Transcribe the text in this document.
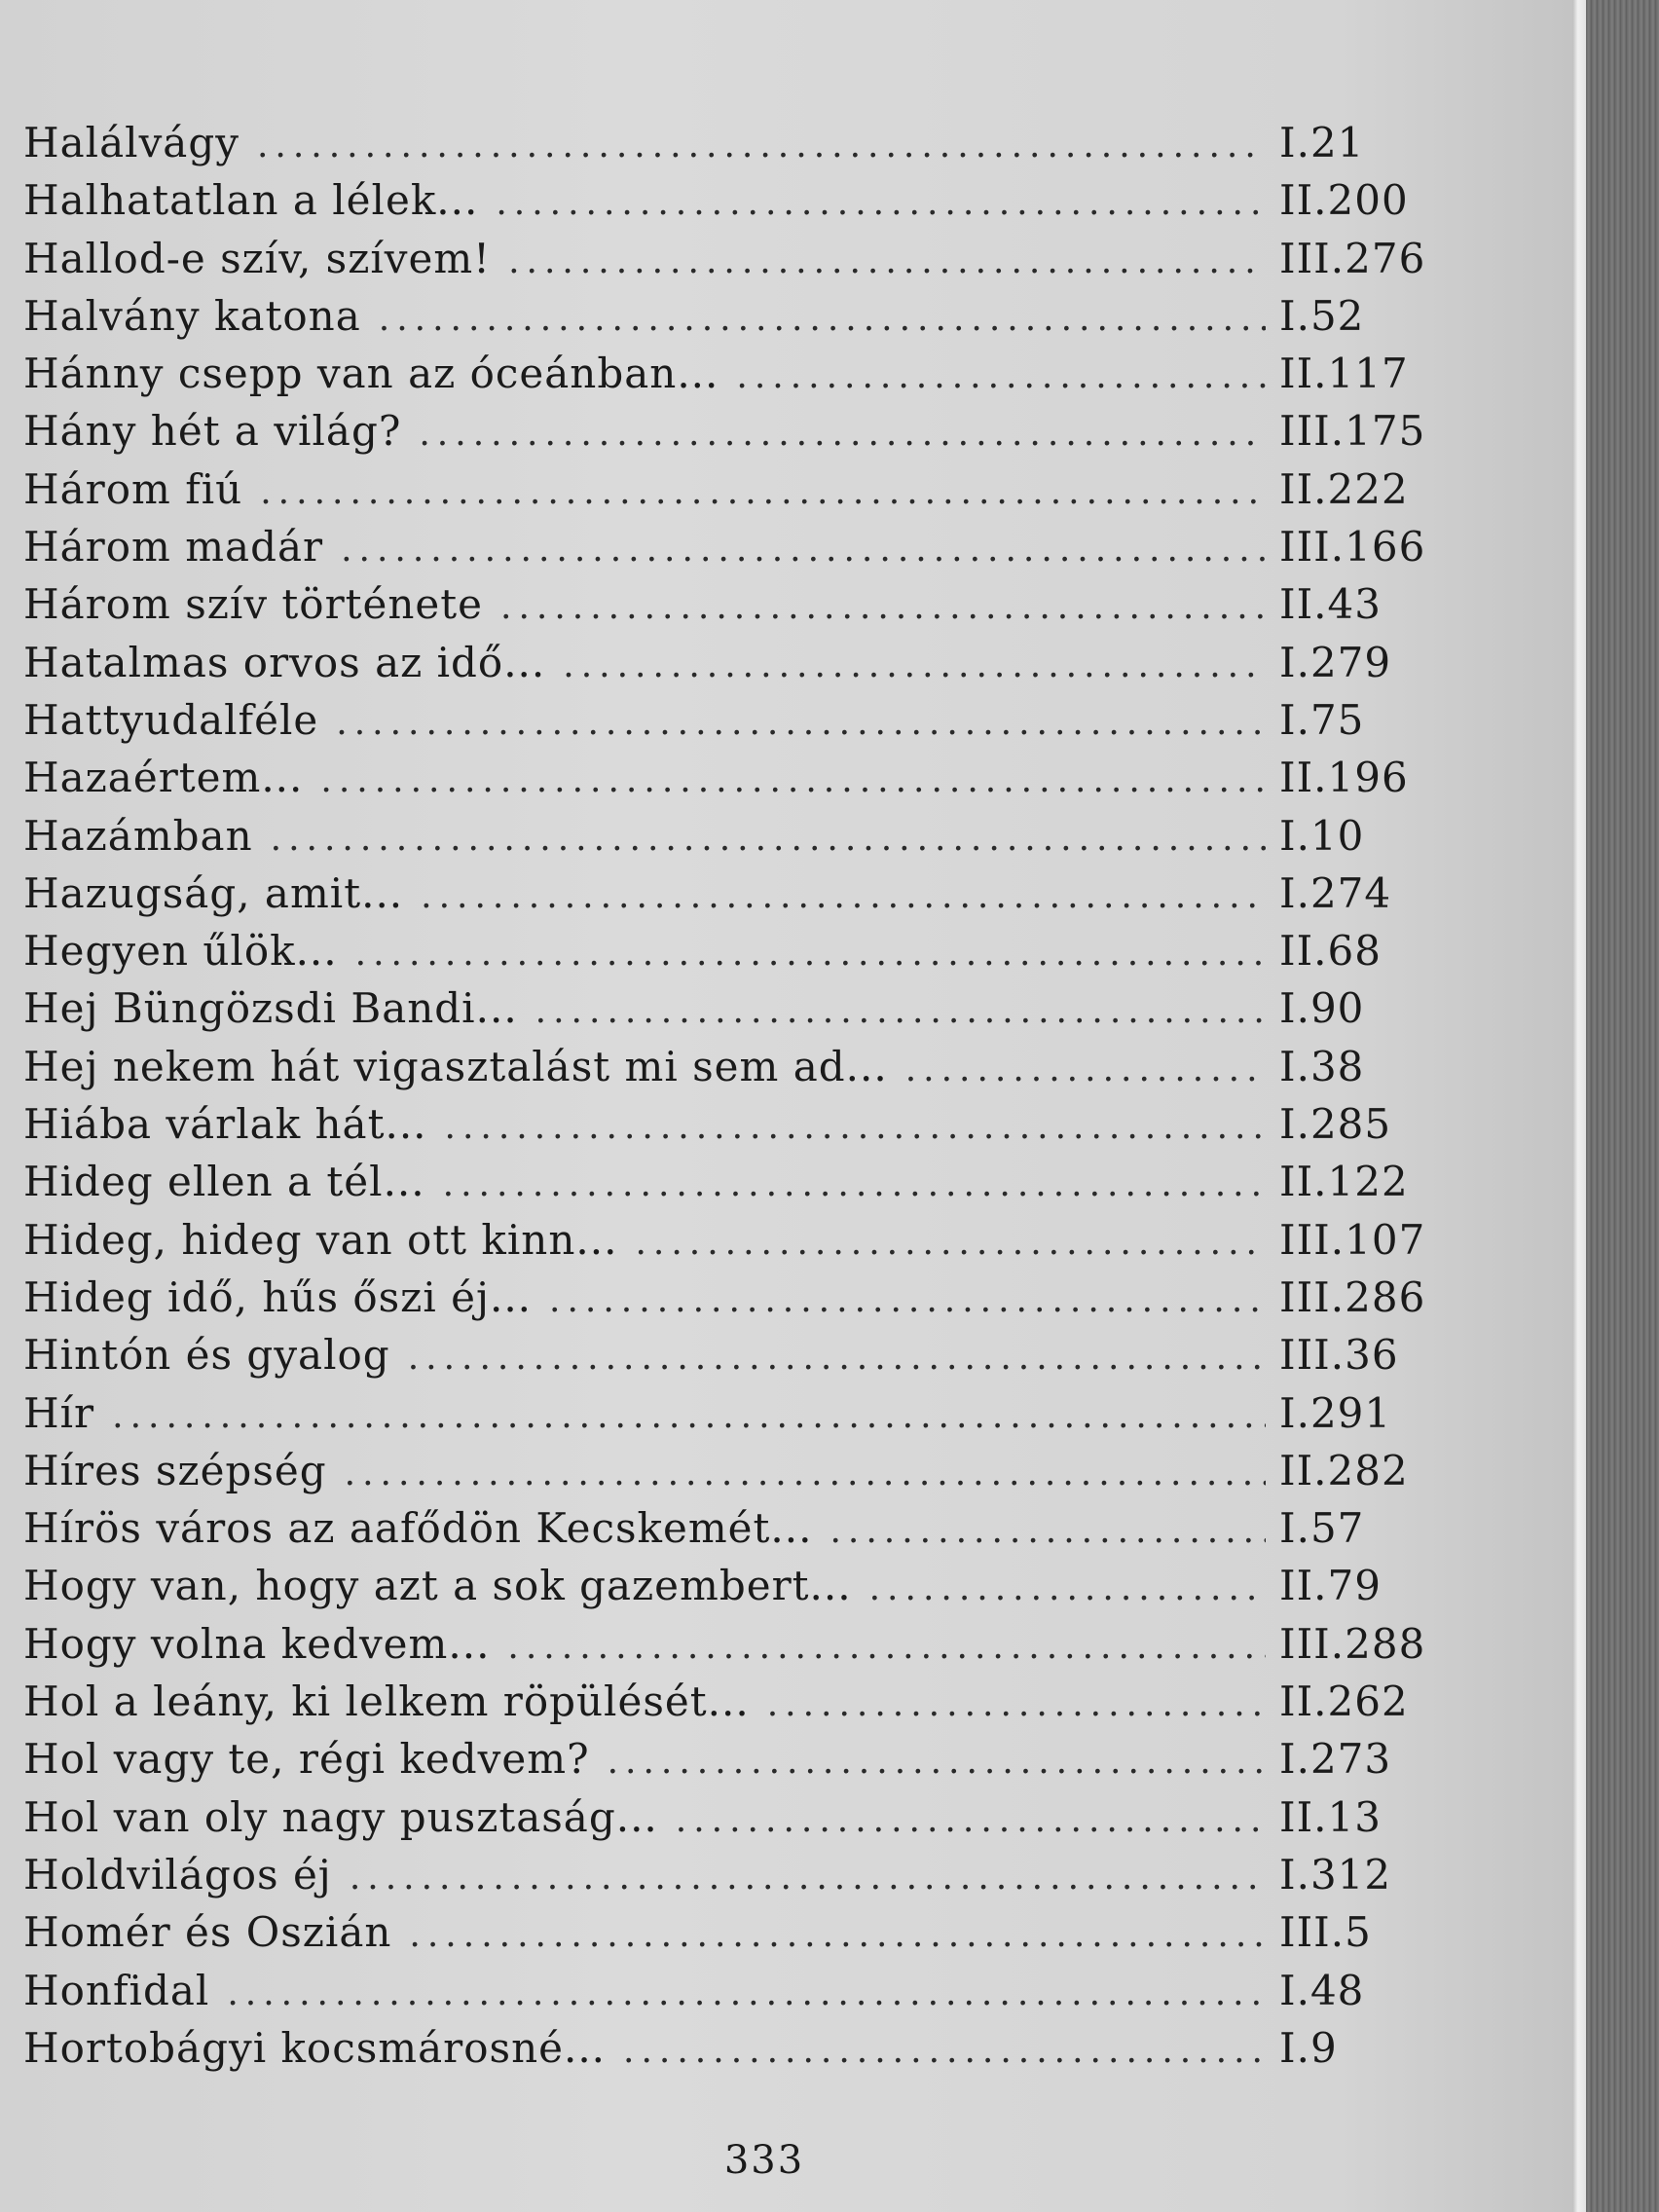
Halálvágy .....	I.21
Halhatatlan a lélek... .....	II.200
Hallod-e szív, szívem! .....	III.276
Halvány katona .....	I.52
Hánny csepp van az óceánban... .....	II.117
Hány hét a világ? .....	III.175
Három fiú .....	II.222
Három madár .....	III.166
Három szív története .....	II.43
Hatalmas orvos az idő... .....	I.279
Hattyudalféle .....	I.75
Hazaértem... .....	II.196
Hazámban .....	I.10
Hazugság, amit... .....	I.274
Hegyen űlök... .....	II.68
Hej Büngözsdi Bandi... .....	I.90
Hej nekem hát vigasztalást mi sem ad... .....	I.38
Hiába várlak hát... .....	I.285
Hideg ellen a tél... .....	II.122
Hideg, hideg van ott kinn... .....	III.107
Hideg idő, hűs őszi éj... .....	III.286
Hintón és gyalog .....	III.36
Hír .....	I.291
Híres szépség .....	II.282
Hírös város az aafődön Kecskemét... .....	I.57
Hogy van, hogy azt a sok gazembert... .....	II.79
Hogy volna kedvem... .....	III.288
Hol a leány, ki lelkem röpülését... .....	II.262
Hol vagy te, régi kedvem? .....	I.273
Hol van oly nagy pusztaság... .....	II.13
Holdvilágos éj .....	I.312
Homér és Oszián .....	III.5
Honfidal .....	I.48
Hortobágyi kocsmárosné... .....	I.9
333
